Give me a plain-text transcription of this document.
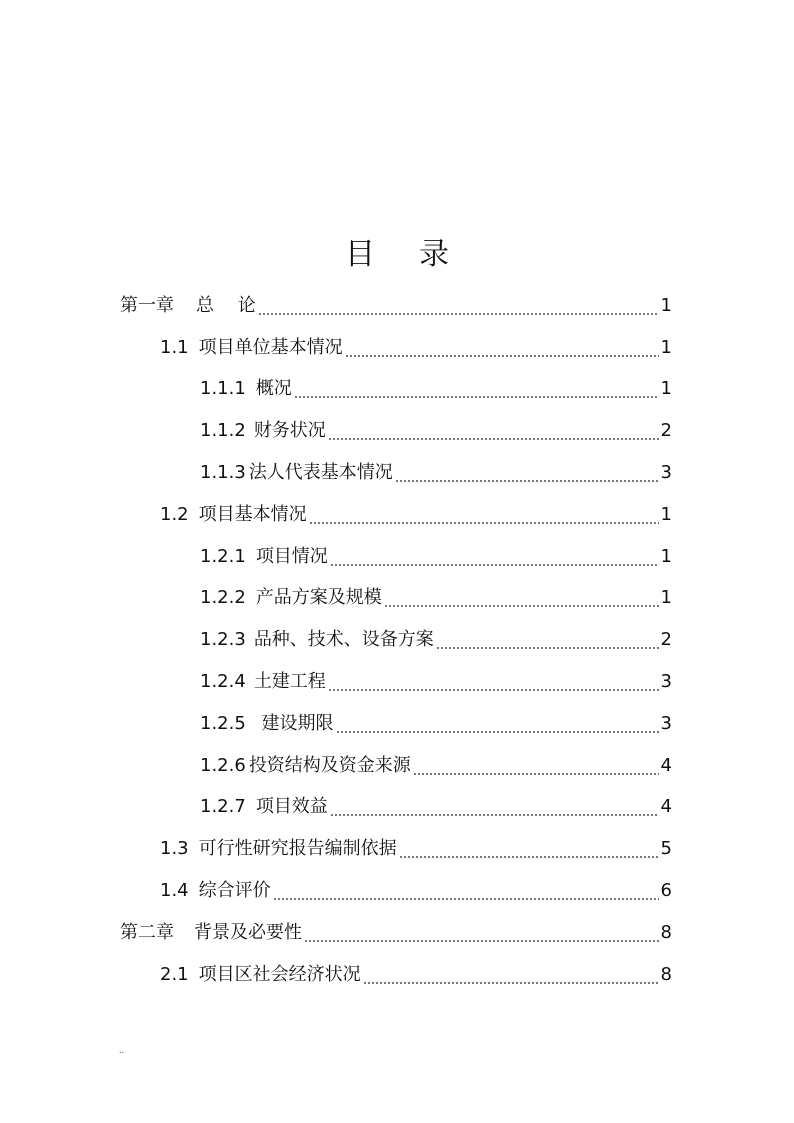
目 录
第一章 总　 论	1
1.1 项目单位基本情况	1
1.1.1 概况	1
1.1.2 财务状况	2
1.1.3 法人代表基本情况	3
1.2 项目基本情况	1
1.2.1 项目情况	1
1.2.2 产品方案及规模	1
1.2.3 品种、技术、设备方案	2
1.2.4 土建工程	3
1.2.5 建设期限	3
1.2.6 投资结构及资金来源	4
1.2.7 项目效益	4
1.3 可行性研究报告编制依据	5
1.4 综合评价	6
第二章 背景及必要性	8
2.1 项目区社会经济状况	8
..
